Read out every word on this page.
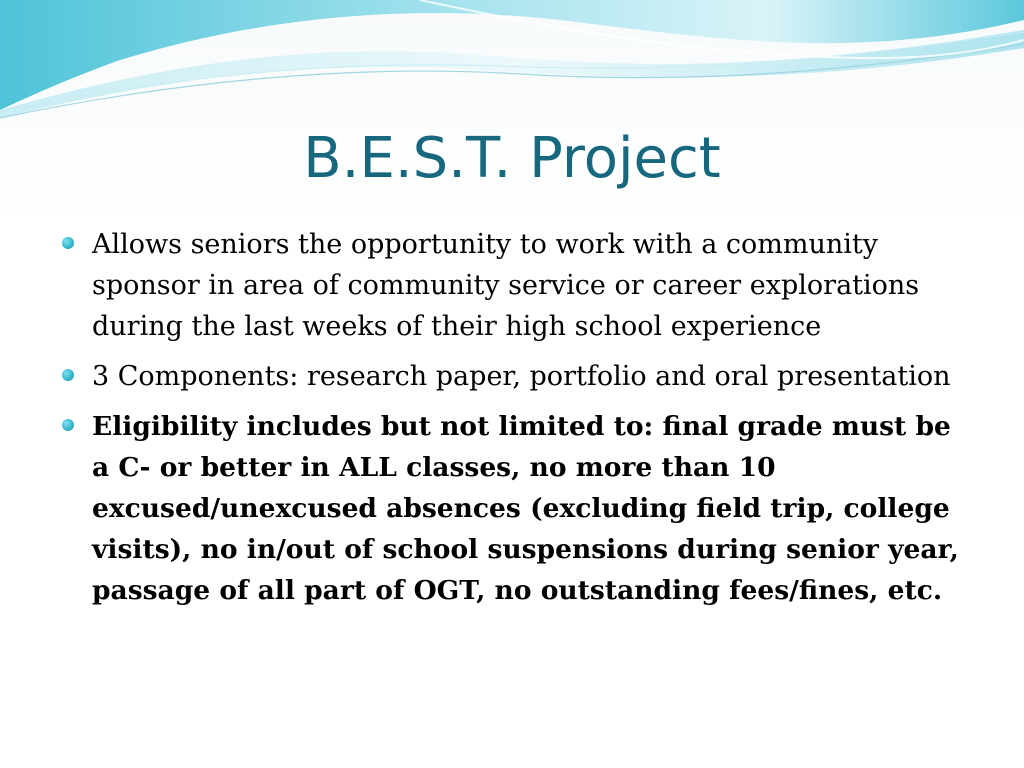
B.E.S.T. Project
Allows seniors the opportunity to work with a community sponsor in area of community service or career explorations during the last weeks of their high school experience
3 Components: research paper, portfolio and oral presentation
Eligibility includes but not limited to: final grade must be a C- or better in ALL classes, no more than 10 excused/unexcused absences (excluding field trip, college visits), no in/out of school suspensions during senior year, passage of all part of OGT, no outstanding fees/fines, etc.
